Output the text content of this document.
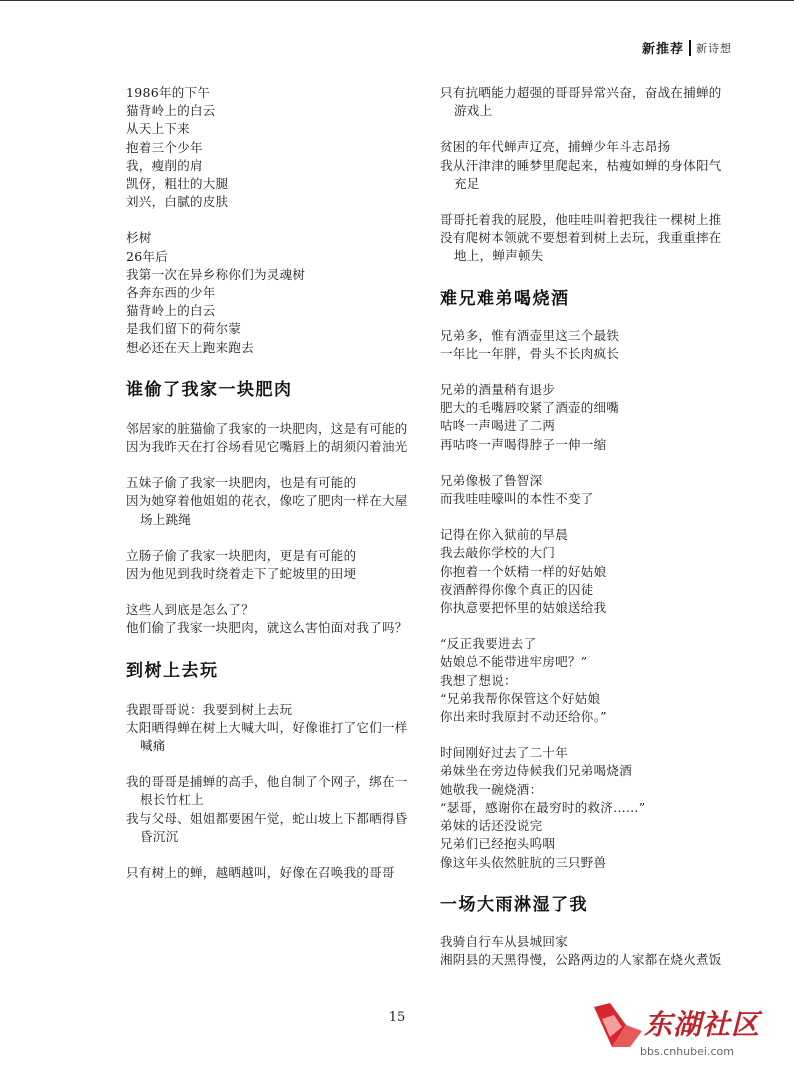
新推荐 新诗想
1986年的下午
猫背岭上的白云
从天上下来
抱着三个少年
我，瘦削的肩
凯伢，粗壮的大腿
刘兴，白腻的皮肤
杉树
26年后
我第一次在异乡称你们为灵魂树
各奔东西的少年
猫背岭上的白云
是我们留下的荷尔蒙
想必还在天上跑来跑去
谁偷了我家一块肥肉
邻居家的脏猫偷了我家的一块肥肉，这是有可能的
因为我昨天在打谷场看见它嘴唇上的胡须闪着油光
五妹子偷了我家一块肥肉，也是有可能的
因为她穿着他姐姐的花衣，像吃了肥肉一样在大屋场上跳绳
立肠子偷了我家一块肥肉，更是有可能的
因为他见到我时绕着走下了蛇坡里的田埂
这些人到底是怎么了？
他们偷了我家一块肥肉，就这么害怕面对我了吗？
到树上去玩
我跟哥哥说：我要到树上去玩
太阳晒得蝉在树上大喊大叫，好像谁打了它们一样喊痛
我的哥哥是捕蝉的高手，他自制了个网子，绑在一根长竹杠上
我与父母、姐姐都要困午觉，蛇山坡上下都晒得昏昏沉沉
只有树上的蝉，越晒越叫，好像在召唤我的哥哥
只有抗晒能力超强的哥哥异常兴奋，奋战在捕蝉的游戏上
贫困的年代蝉声辽亮，捕蝉少年斗志昂扬
我从汗津津的睡梦里爬起来，枯瘦如蝉的身体阳气充足
哥哥托着我的屁股，他哇哇叫着把我往一棵树上推
没有爬树本领就不要想着到树上去玩，我重重摔在地上，蝉声顿失
难兄难弟喝烧酒
兄弟多，惟有酒壶里这三个最铁
一年比一年胖，骨头不长肉疯长
兄弟的酒量稍有退步
肥大的毛嘴唇咬紧了酒壶的细嘴
咕咚一声喝进了二两
再咕咚一声喝得脖子一伸一缩
兄弟像极了鲁智深
而我哇哇嚎叫的本性不变了
记得在你入狱前的早晨
我去敲你学校的大门
你抱着一个妖精一样的好姑娘
夜酒醉得你像个真正的囚徒
你执意要把怀里的姑娘送给我
“反正我要进去了
姑娘总不能带进牢房吧？”
我想了想说：
“兄弟我帮你保管这个好姑娘
你出来时我原封不动还给你。”
时间刚好过去了二十年
弟妹坐在旁边侍候我们兄弟喝烧酒
她敬我一碗烧酒：
“瑟哥，感谢你在最穷时的救济……”
弟妹的话还没说完
兄弟们已经抱头呜咽
像这年头依然脏肮的三只野兽
一场大雨淋湿了我
我骑自行车从县城回家
湘阴县的天黑得慢，公路两边的人家都在烧火煮饭
15	东湖社区
bbs.cnhubei.com
